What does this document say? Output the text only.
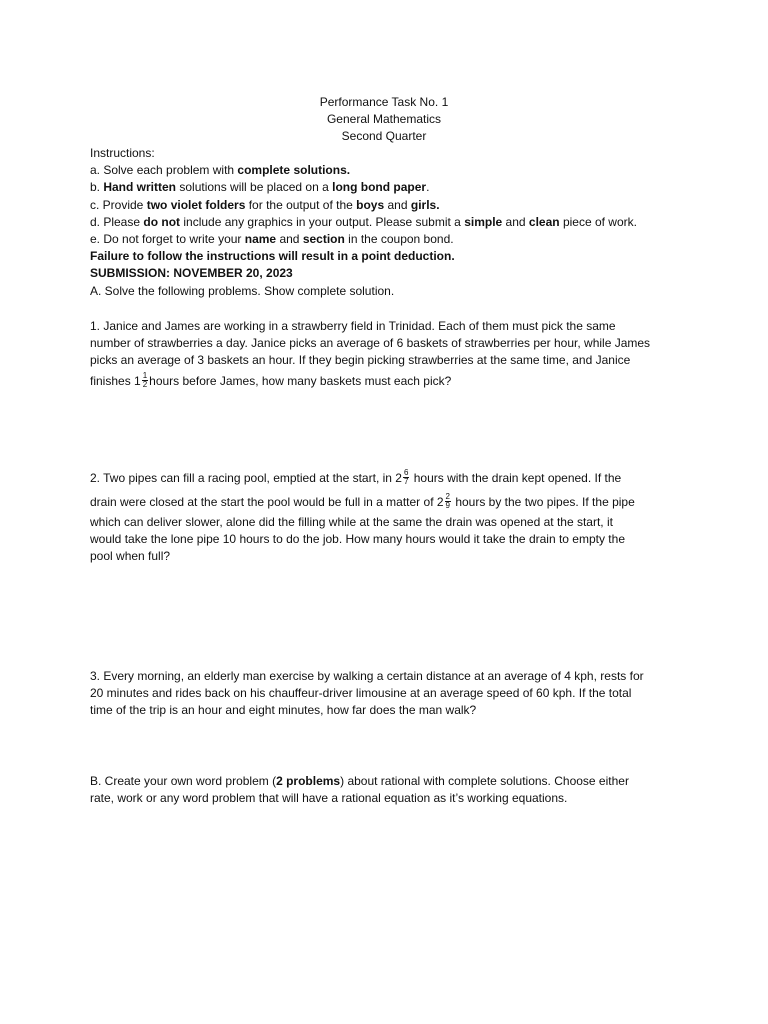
Performance Task No. 1
General Mathematics
Second Quarter
Instructions:
a. Solve each problem with complete solutions.
b. Hand written solutions will be placed on a long bond paper.
c. Provide two violet folders for the output of the boys and girls.
d. Please do not include any graphics in your output. Please submit a simple and clean piece of work.
e. Do not forget to write your name and section in the coupon bond.
Failure to follow the instructions will result in a point deduction.
SUBMISSION: NOVEMBER 20, 2023
A. Solve the following problems. Show complete solution.
1. Janice and James are working in a strawberry field in Trinidad. Each of them must pick the same
number of strawberries a day. Janice picks an average of 6 baskets of strawberries per hour, while James
picks an average of 3 baskets an hour. If they begin picking strawberries at the same time, and Janice
finishes $1 \frac{1}{2}$ hours before James, how many baskets must each pick?
2. Two pipes can fill a racing pool, emptied at the start, in $2 \frac{6}{7}$ hours with the drain kept opened. If the
drain were closed at the start the pool would be full in a matter of $2 \frac{2}{9}$ hours by the two pipes. If the pipe
which can deliver slower, alone did the filling while at the same the drain was opened at the start, it
would take the lone pipe 10 hours to do the job. How many hours would it take the drain to empty the
pool when full?
3. Every morning, an elderly man exercise by walking a certain distance at an average of 4 kph, rests for
20 minutes and rides back on his chauffeur-driver limousine at an average speed of 60 kph. If the total
time of the trip is an hour and eight minutes, how far does the man walk?
B. Create your own word problem (2 problems) about rational with complete solutions. Choose either
rate, work or any word problem that will have a rational equation as it’s working equations.
